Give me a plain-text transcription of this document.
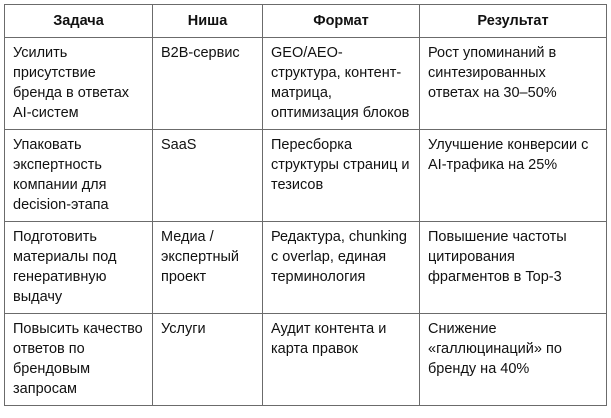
Задача	Ниша	Формат	Результат
Усилить присутствие бренда в ответах AI-систем	B2B-сервис	GEO/AEO-структура, контент-матрица, оптимизация блоков	Рост упоминаний в синтезированных ответах на 30–50%
Упаковать экспертность компании для decision-этапа	SaaS	Пересборка структуры страниц и тезисов	Улучшение конверсии с AI-трафика на 25%
Подготовить материалы под генеративную выдачу	Медиа / экспертный проект	Редактура, chunking с overlap, единая терминология	Повышение частоты цитирования фрагментов в Top-3
Повысить качество ответов по брендовым запросам	Услуги	Аудит контента и карта правок	Снижение «галлюцинаций» по бренду на 40%
